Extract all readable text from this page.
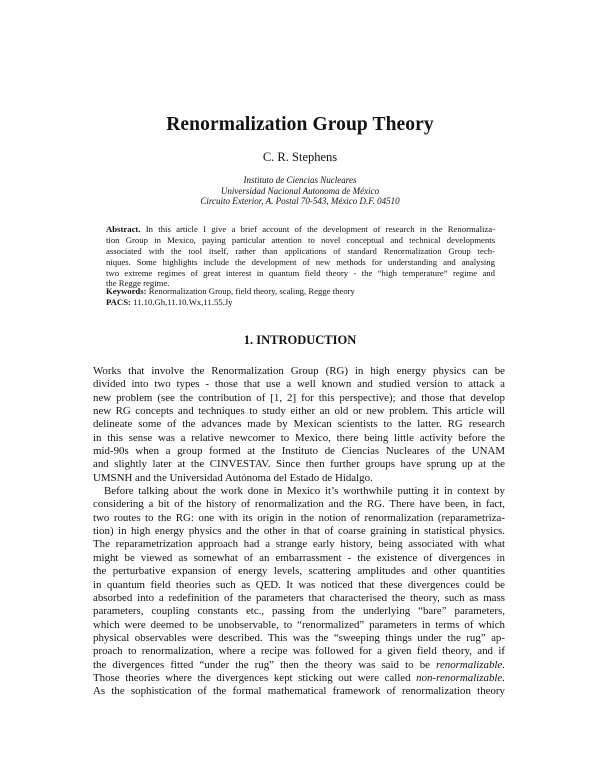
Renormalization Group Theory
C. R. Stephens
Instituto de Ciencias Nucleares
Universidad Nacional Autonoma de México
Circuito Exterior, A. Postal 70-543, México D.F. 04510
Abstract. In this article I give a brief account of the development of research in the Renormaliza-
tion Group in Mexico, paying particular attention to novel conceptual and technical developments
associated with the tool itself, rather than applications of standard Renormalization Group tech-
niques. Some highlights include the development of new methods for understanding and analysing
two extreme regimes of great interest in quantum field theory - the “high temperature” regime and
the Regge regime.
Keywords: Renormalization Group, field theory, scaling, Regge theory
PACS: 11.10.Gh,11.10.Wx,11.55.Jy
1. INTRODUCTION
Works that involve the Renormalization Group (RG) in high energy physics can be
divided into two types - those that use a well known and studied version to attack a
new problem (see the contribution of [1, 2] for this perspective); and those that develop
new RG concepts and techniques to study either an old or new problem. This article will
delineate some of the advances made by Mexican scientists to the latter. RG research
in this sense was a relative newcomer to Mexico, there being little activity before the
mid-90s when a group formed at the Instituto de Ciencias Nucleares of the UNAM
and slightly later at the CINVESTAV. Since then further groups have sprung up at the
UMSNH and the Universidad Autónoma del Estado de Hidalgo.
Before talking about the work done in Mexico it’s worthwhile putting it in context by
considering a bit of the history of renormalization and the RG. There have been, in fact,
two routes to the RG: one with its origin in the notion of renormalization (reparametriza-
tion) in high energy physics and the other in that of coarse graining in statistical physics.
The reparametrization approach had a strange early history, being associated with what
might be viewed as somewhat of an embarrassment - the existence of divergences in
the perturbative expansion of energy levels, scattering amplitudes and other quantities
in quantum field theories such as QED. It was noticed that these divergences could be
absorbed into a redefinition of the parameters that characterised the theory, such as mass
parameters, coupling constants etc., passing from the underlying “bare” parameters,
which were deemed to be unobservable, to “renormalized” parameters in terms of which
physical observables were described. This was the “sweeping things under the rug” ap-
proach to renormalization, where a recipe was followed for a given field theory, and if
the divergences fitted “under the rug” then the theory was said to be renormalizable.
Those theories where the divergences kept sticking out were called non-renormalizable.
As the sophistication of the formal mathematical framework of renormalization theory
